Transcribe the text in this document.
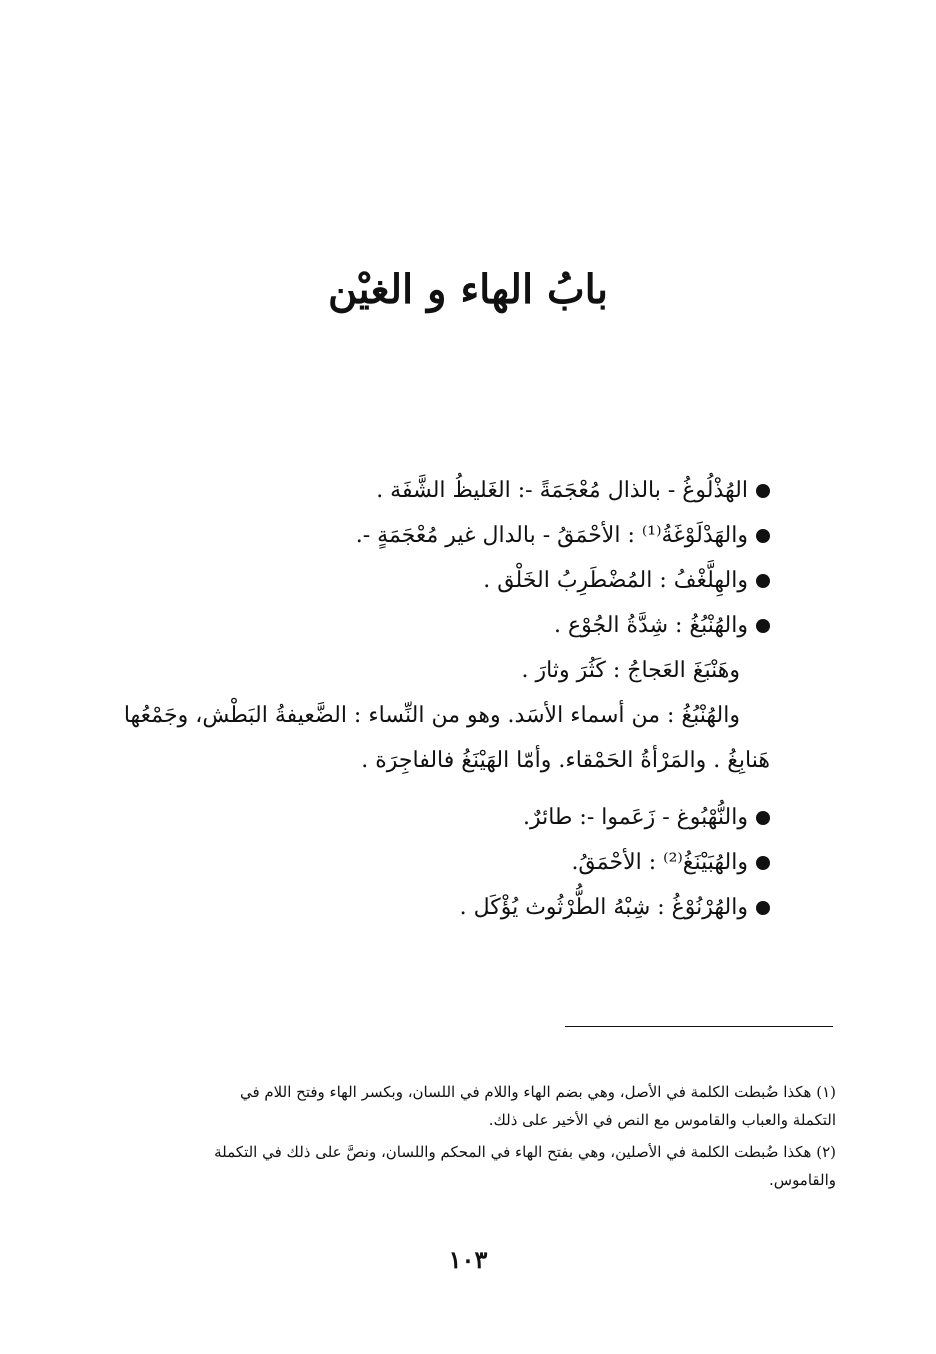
بابُ الهاء و الغيْن

الهُذْلُوغُ - بالذال مُعْجَمَةً -: الغَليظُ الشَّفَة .

والهَدْلَوْغَةُ⁽¹⁾ : الأحْمَقُ - بالدال غير مُعْجَمَةٍ -.

والهِلَّغْفُ : المُضْطَرِبُ الخَلْق .

والهُنْبُغُ : شِدَّةُ الجُوْع .

وهَنْبَغَ العَجاجُ : كَثُرَ وثارَ .

والهُنْبُغُ : من أسماء الأسَد. وهو من النِّساء : الضَّعيفةُ البَطْش، وجَمْعُها

هَنابِغُ . والمَرْأةُ الحَمْقاء. وأمّا الهَيْنَغُ فالفاجِرَة .

والنُّهْبُوغ - زَعَموا -: طائرٌ.

والهُبَيْنَغُ⁽²⁾ : الأحْمَقُ.

والهُرْنُوْغُ : شِبْهُ الطُّرْثُوث يُؤْكَل .

(١) هكذا ضُبطت الكلمة في الأصل، وهي بضم الهاء واللام في اللسان، وبكسر الهاء وفتح اللام في
التكملة والعباب والقاموس مع النص في الأخير على ذلك.

(٢) هكذا ضُبطت الكلمة في الأصلين، وهي بفتح الهاء في المحكم واللسان، ونصَّ على ذلك في التكملة
والقاموس.

١٠٣
